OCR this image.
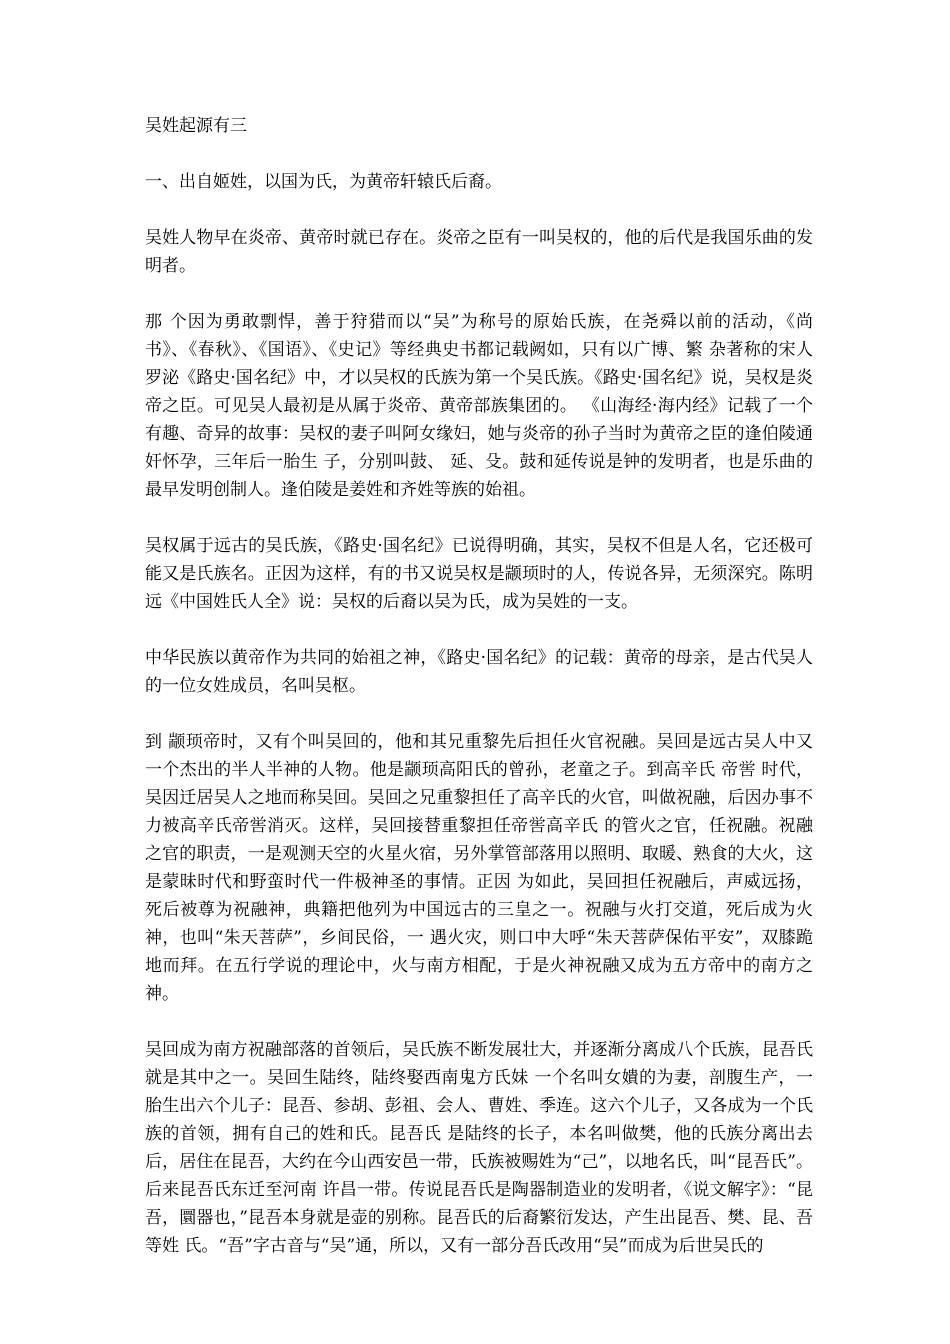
吴姓起源有三

一、出自姬姓，以国为氏，为黄帝轩辕氏后裔。

吴姓人物早在炎帝、黄帝时就已存在。炎帝之臣有一叫吴权的，他的后代是我国乐曲的发明者。

那 个因为勇敢剽悍，善于狩猎而以“吴”为称号的原始氏族，在尧舜以前的活动，《尚书》、《春秋》、《国语》、《史记》等经典史书都记载阙如，只有以广博、繁 杂著称的宋人罗泌《路史·国名纪》中，才以吴权的氏族为第一个吴氏族。《路史·国名纪》说，吴权是炎帝之臣。可见吴人最初是从属于炎帝、黄帝部族集团的。 《山海经·海内经》记载了一个有趣、奇异的故事：吴权的妻子叫阿女缘妇，她与炎帝的孙子当时为黄帝之臣的逢伯陵通奸怀孕，三年后一胎生 子，分别叫鼓、 延、殳。鼓和延传说是钟的发明者，也是乐曲的最早发明创制人。逢伯陵是姜姓和齐姓等族的始祖。

吴权属于远古的吴氏族，《路史·国名纪》已说得明确，其实，吴权不但是人名，它还极可能又是氏族名。正因为这样，有的书又说吴权是颛顼时的人，传说各异，无须深究。陈明远《中国姓氏人全》说：吴权的后裔以吴为氏，成为吴姓的一支。

中华民族以黄帝作为共同的始祖之神，《路史·国名纪》的记载：黄帝的母亲，是古代吴人的一位女姓成员，名叫吴枢。

到 颛顼帝时，又有个叫吴回的，他和其兄重黎先后担任火官祝融。吴回是远古吴人中又一个杰出的半人半神的人物。他是颛顼高阳氏的曾孙，老童之子。到高辛氏 帝喾 时代，吴因迁居吴人之地而称吴回。吴回之兄重黎担任了高辛氏的火官，叫做祝融，后因办事不力被高辛氏帝喾消灭。这样，吴回接替重黎担任帝喾高辛氏 的管火之官，任祝融。祝融之官的职责，一是观测天空的火星火宿，另外掌管部落用以照明、取暖、熟食的大火，这是蒙昧时代和野蛮时代一件极神圣的事情。正因 为如此，吴回担任祝融后，声威远扬，死后被尊为祝融神，典籍把他列为中国远古的三皇之一。祝融与火打交道，死后成为火神，也叫“朱天菩萨”，乡间民俗，一 遇火灾，则口中大呼“朱天菩萨保佑平安”，双膝跪地而拜。在五行学说的理论中，火与南方相配，于是火神祝融又成为五方帝中的南方之神。

吴回成为南方祝融部落的首领后，吴氏族不断发展壮大，并逐渐分离成八个氏族，昆吾氏就是其中之一。吴回生陆终，陆终娶西南鬼方氏妹 一个名叫女嬇的为妻，剖腹生产，一胎生出六个儿子：昆吾、参胡、彭祖、会人、曹姓、季连。这六个儿子，又各成为一个氏族的首领，拥有自己的姓和氏。昆吾氏 是陆终的长子，本名叫做樊，他的氏族分离出去后，居住在昆吾，大约在今山西安邑一带，氏族被赐姓为“己”，以地名氏，叫“昆吾氏”。后来昆吾氏东迁至河南 许昌一带。传说昆吾氏是陶器制造业的发明者，《说文解字》：“昆吾，圜器也，”昆吾本身就是壶的别称。昆吾氏的后裔繁衍发达，产生出昆吾、樊、昆、吾等姓 氏。“吾”字古音与“吴”通，所以，又有一部分吾氏改用“吴”而成为后世吴氏的
